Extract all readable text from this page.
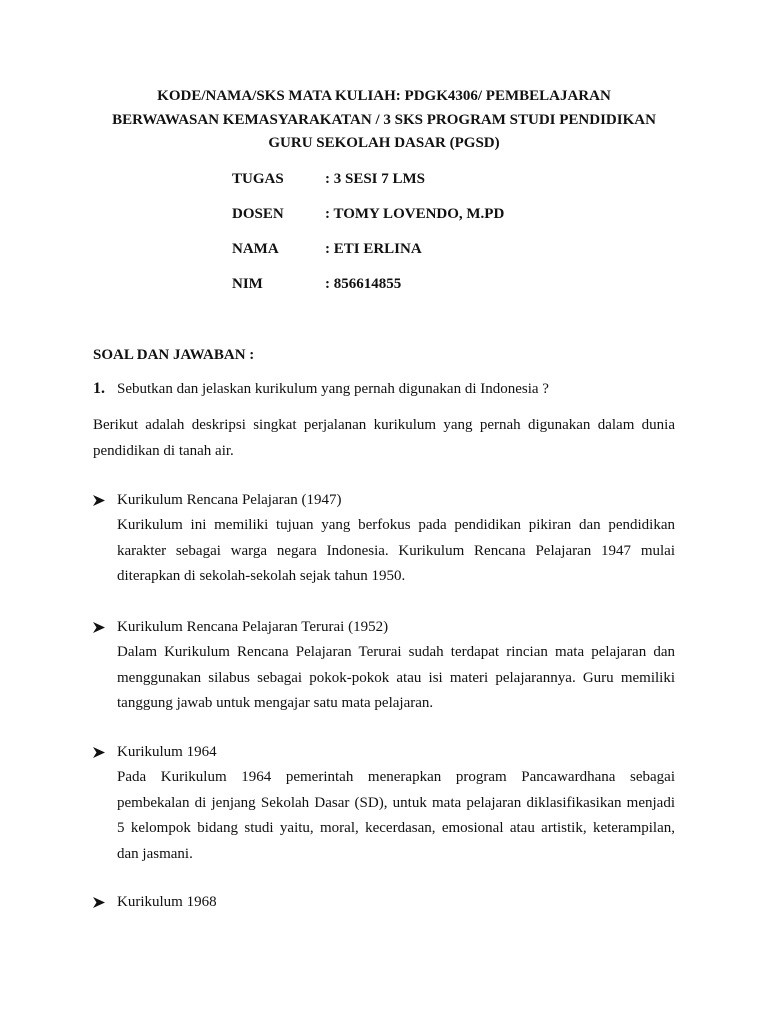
KODE/NAMA/SKS MATA KULIAH: PDGK4306/ PEMBELAJARAN
BERWAWASAN KEMASYARAKATAN / 3 SKS PROGRAM STUDI PENDIDIKAN
GURU SEKOLAH DASAR (PGSD)
TUGAS	: 3 SESI 7 LMS
DOSEN	: TOMY LOVENDO, M.PD
NAMA	: ETI ERLINA
NIM	: 856614855
SOAL DAN JAWABAN :
1. Sebutkan dan jelaskan kurikulum yang pernah digunakan di Indonesia ?

Berikut adalah deskripsi singkat perjalanan kurikulum yang pernah digunakan dalam dunia
pendidikan di tanah air.

Kurikulum Rencana Pelajaran (1947)

Kurikulum ini memiliki tujuan yang berfokus pada pendidikan pikiran dan pendidikan
karakter sebagai warga negara Indonesia. Kurikulum Rencana Pelajaran 1947 mulai
diterapkan di sekolah-sekolah sejak tahun 1950.

Kurikulum Rencana Pelajaran Terurai (1952)

Dalam Kurikulum Rencana Pelajaran Terurai sudah terdapat rincian mata pelajaran dan
menggunakan silabus sebagai pokok-pokok atau isi materi pelajarannya. Guru memiliki
tanggung jawab untuk mengajar satu mata pelajaran.

Kurikulum 1964

Pada Kurikulum 1964 pemerintah menerapkan program Pancawardhana sebagai
pembekalan di jenjang Sekolah Dasar (SD), untuk mata pelajaran diklasifikasikan menjadi
5 kelompok bidang studi yaitu, moral, kecerdasan, emosional atau artistik, keterampilan,
dan jasmani.

Kurikulum 1968
